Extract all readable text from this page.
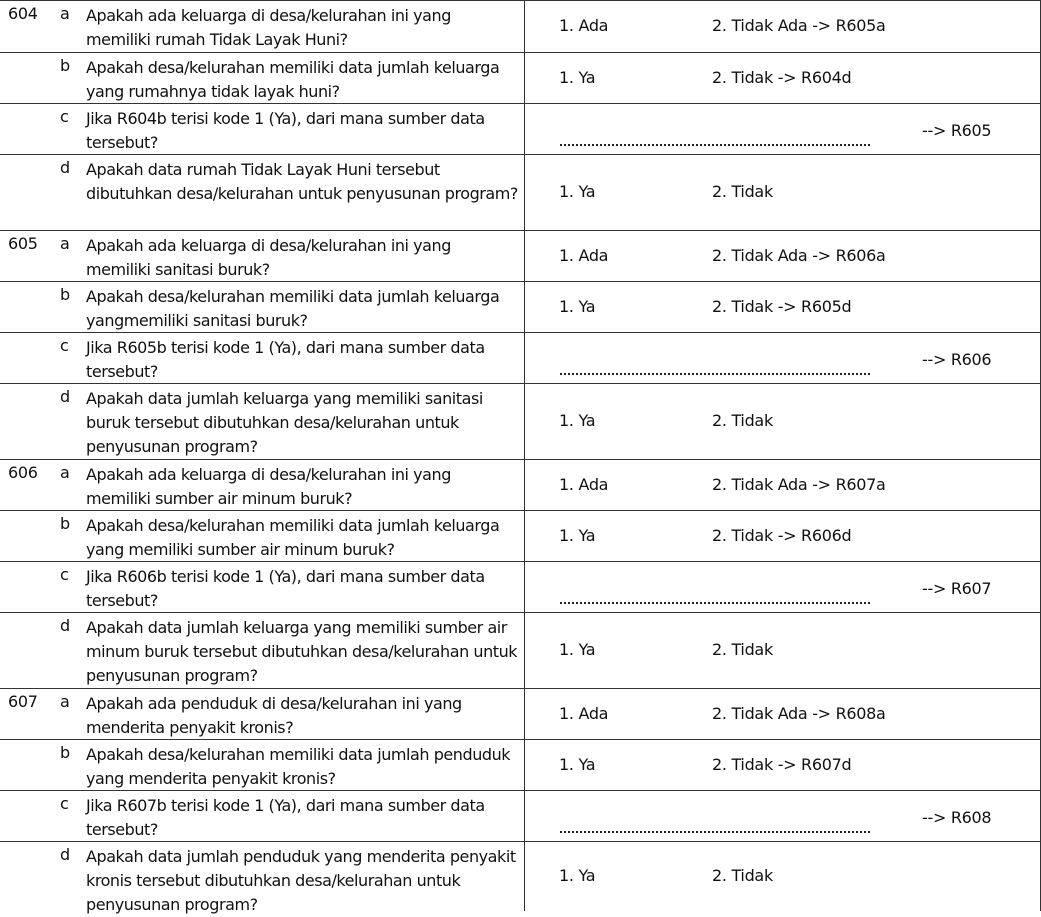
604 a Apakah ada keluarga di desa/kelurahan ini yang memiliki rumah Tidak Layak Huni?
1. Ada	2. Tidak Ada -> R605a
b Apakah desa/kelurahan memiliki data jumlah keluarga yang rumahnya tidak layak huni?
1. Ya	2. Tidak -> R604d
c Jika R604b terisi kode 1 (Ya), dari mana sumber data tersebut?
--> R605
d Apakah data rumah Tidak Layak Huni tersebut dibutuhkan desa/kelurahan untuk penyusunan program?	1. Ya	2. Tidak
605 a Apakah ada keluarga di desa/kelurahan ini yang memiliki sanitasi buruk?
1. Ada	2. Tidak Ada -> R606a
b Apakah desa/kelurahan memiliki data jumlah keluarga yangmemiliki sanitasi buruk?
1. Ya	2. Tidak -> R605d
c Jika R605b terisi kode 1 (Ya), dari mana sumber data tersebut?
--> R606
d Apakah data jumlah keluarga yang memiliki sanitasi buruk tersebut dibutuhkan desa/kelurahan untuk penyusunan program?
1. Ya	2. Tidak
606 a Apakah ada keluarga di desa/kelurahan ini yang memiliki sumber air minum buruk?
1. Ada	2. Tidak Ada -> R607a
b Apakah desa/kelurahan memiliki data jumlah keluarga yang memiliki sumber air minum buruk?
1. Ya	2. Tidak -> R606d
c Jika R606b terisi kode 1 (Ya), dari mana sumber data tersebut?
--> R607
d Apakah data jumlah keluarga yang memiliki sumber air minum buruk tersebut dibutuhkan desa/kelurahan untuk penyusunan program?
1. Ya	2. Tidak
607 a Apakah ada penduduk di desa/kelurahan ini yang menderita penyakit kronis?
1. Ada	2. Tidak Ada -> R608a
b Apakah desa/kelurahan memiliki data jumlah penduduk yang menderita penyakit kronis?
1. Ya	2. Tidak -> R607d
c Jika R607b terisi kode 1 (Ya), dari mana sumber data tersebut?
--> R608
d Apakah data jumlah penduduk yang menderita penyakit kronis tersebut dibutuhkan desa/kelurahan untuk penyusunan program?
1. Ya	2. Tidak
